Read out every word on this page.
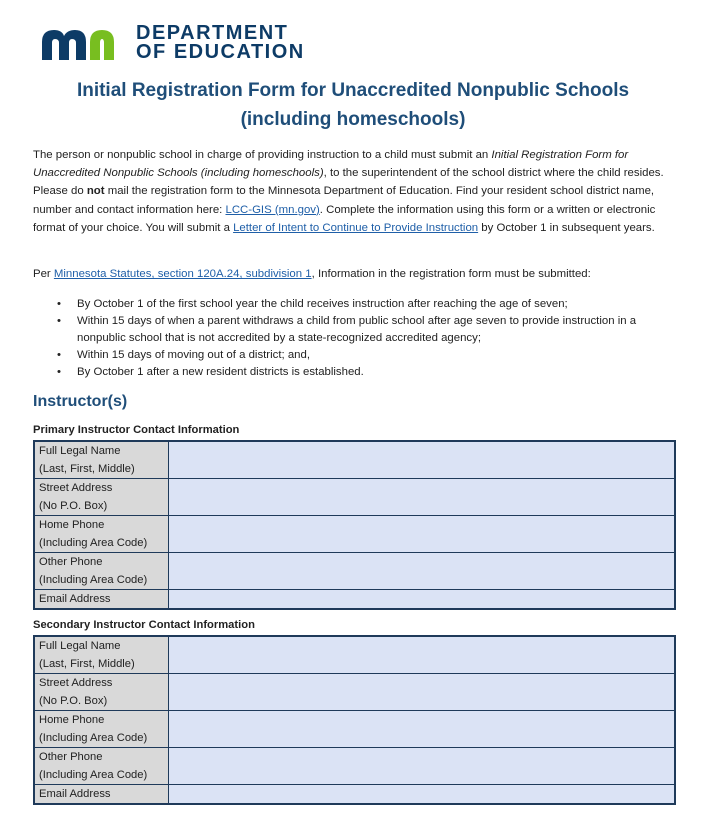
DEPARTMENT
OF EDUCATION
Initial Registration Form for Unaccredited Nonpublic Schools
(including homeschools)

The person or nonpublic school in charge of providing instruction to a child must submit an Initial Registration Form for Unaccredited Nonpublic Schools (including homeschools), to the superintendent of the school district where the child resides. Please do not mail the registration form to the Minnesota Department of Education. Find your resident school district name, number and contact information here: LCC-GIS (mn.gov). Complete the information using this form or a written or electronic format of your choice. You will submit a Letter of Intent to Continue to Provide Instruction by October 1 in subsequent years.

Per Minnesota Statutes, section 120A.24, subdivision 1, Information in the registration form must be submitted:

• By October 1 of the first school year the child receives instruction after reaching the age of seven;
• Within 15 days of when a parent withdraws a child from public school after age seven to provide instruction in a nonpublic school that is not accredited by a state-recognized accredited agency;
• Within 15 days of moving out of a district; and,
• By October 1 after a new resident districts is established.
Instructor(s)
Primary Instructor Contact Information
Full Legal Name
(Last, First, Middle)	

Street Address
(No P.O. Box)	

Home Phone
(Including Area Code)	

Other Phone
(Including Area Code)	

Email Address	

Secondary Instructor Contact Information
Full Legal Name
(Last, First, Middle)	

Street Address
(No P.O. Box)	

Home Phone
(Including Area Code)	

Other Phone
(Including Area Code)	

Email Address	
